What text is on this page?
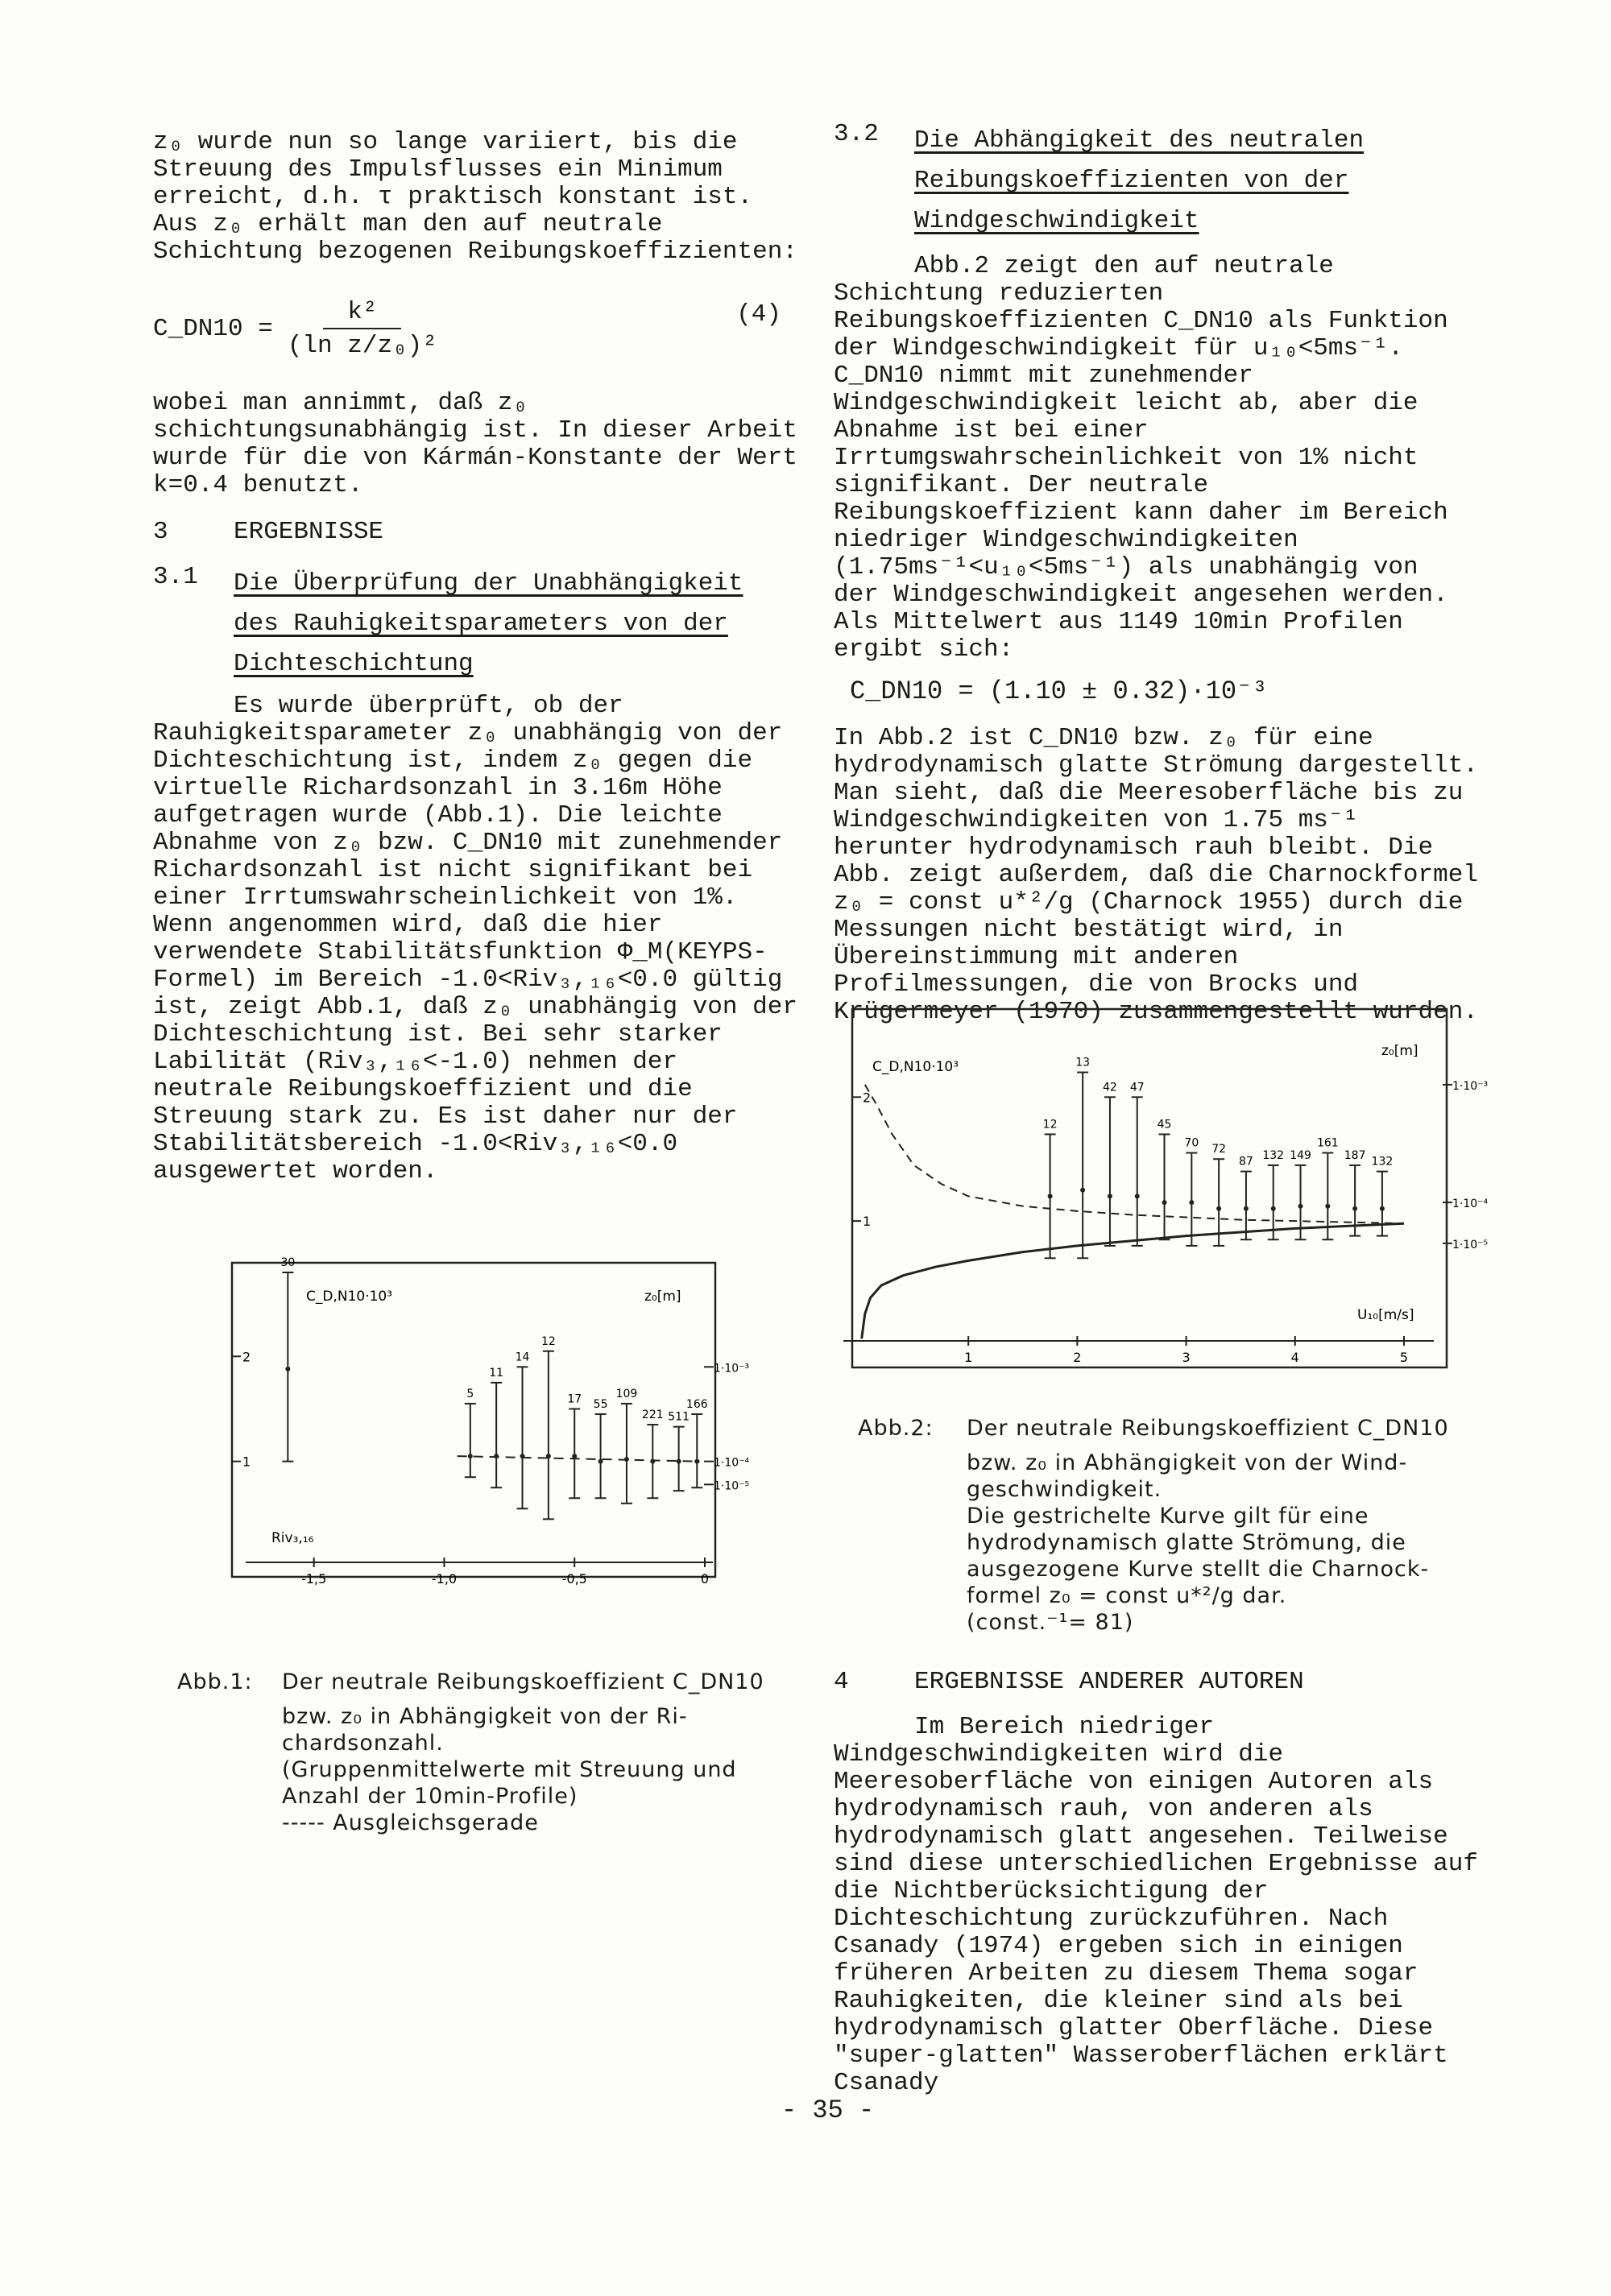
z₀ wurde nun so lange variiert, bis die Streuung des Impulsflusses ein Minimum erreicht, d.h. τ praktisch konstant ist. Aus z₀ erhält man den auf neutrale Schichtung bezogenen Reibungskoeffizienten:

C_DN10 = $\frac{\text{k²}}{\text{(ln z/z₀)²}}$	(4)

wobei man annimmt, daß z₀ schichtungsunabhängig ist. In dieser Arbeit wurde für die von Kármán-Konstante der Wert k=0.4 benutzt.

3	ERGEBNISSE
3.1	Die Überprüfung der Unabhängigkeit des Rauhigkeitsparameters von der Dichteschichtung

Es wurde überprüft, ob der Rauhigkeitsparameter z₀ unabhängig von der Dichteschichtung ist, indem z₀ gegen die virtuelle Richardsonzahl in 3.16m Höhe aufgetragen wurde (Abb.1). Die leichte Abnahme von z₀ bzw. C_DN10 mit zunehmender Richardsonzahl ist nicht signifikant bei einer Irrtumswahrscheinlichkeit von 1%. Wenn angenommen wird, daß die hier verwendete Stabilitätsfunktion Φ_M(KEYPS-Formel) im Bereich -1.0<Riv₃,₁₆<0.0 gültig ist, zeigt Abb.1, daß z₀ unabhängig von der Dichteschichtung ist. Bei sehr starker Labilität (Riv₃,₁₆<-1.0) nehmen der neutrale Reibungskoeffizient und die Streuung stark zu. Es ist daher nur der Stabilitätsbereich -1.0<Riv₃,₁₆<0.0 ausgewertet worden.

3.2	Die Abhängigkeit des neutralen Reibungskoeffizienten von der Windgeschwindigkeit

Abb.2 zeigt den auf neutrale Schichtung reduzierten Reibungskoeffizienten C_DN10 als Funktion der Windgeschwindigkeit für u₁₀<5ms⁻¹. C_DN10 nimmt mit zunehmender Windgeschwindigkeit leicht ab, aber die Abnahme ist bei einer Irrtumgswahrscheinlichkeit von 1% nicht signifikant. Der neutrale Reibungskoeffizient kann daher im Bereich niedriger Windgeschwindigkeiten (1.75ms⁻¹<u₁₀<5ms⁻¹) als unabhängig von der Windgeschwindigkeit angesehen werden. Als Mittelwert aus 1149 10min Profilen ergibt sich:

C_DN10 = (1.10 ± 0.32)·10⁻³

In Abb.2 ist C_DN10 bzw. z₀ für eine hydrodynamisch glatte Strömung dargestellt. Man sieht, daß die Meeresoberfläche bis zu Windgeschwindigkeiten von 1.75 ms⁻¹ herunter hydrodynamisch rauh bleibt. Die Abb. zeigt außerdem, daß die Charnockformel z₀ = const u*²/g (Charnock 1955) durch die Messungen nicht bestätigt wird, in Übereinstimmung mit anderen Profilmessungen, die von Brocks und Krügermeyer (1970) zusammengestellt wurden.

-1,5	-1,0	-0,5	0
1
2
1·10⁻⁵
1·10⁻⁴
1·10⁻³
30
5
11
14
12
17 55
109
221 511
166
C_D,N10·10³	z₀[m]
Riv₃,₁₆
Abb.1: Der neutrale Reibungskoeffizient C_DN10
bzw. z₀ in Abhängigkeit von der Ri-
chardsonzahl.
(Gruppenmittelwerte mit Streuung und
Anzahl der 10min-Profile)
----- Ausgleichsgerade
1	2	3	4	5
1
2
1·10⁻⁵
1·10⁻⁴
1·10⁻³
12
13
42 47
45
70 72
87 132 149
161
187 132
C_D,N10·10³
z₀[m]
U₁₀[m/s]
Abb.2: Der neutrale Reibungskoeffizient C_DN10
bzw. z₀ in Abhängigkeit von der Wind-
geschwindigkeit.
Die gestrichelte Kurve gilt für eine
hydrodynamisch glatte Strömung, die
ausgezogene Kurve stellt die Charnock-
formel z₀ = const u*²/g dar.
(const.⁻¹= 81)
4	ERGEBNISSE ANDERER AUTOREN

Im Bereich niedriger Windgeschwindigkeiten wird die Meeresoberfläche von einigen Autoren als hydrodynamisch rauh, von anderen als hydrodynamisch glatt angesehen. Teilweise sind diese unterschiedlichen Ergebnisse auf die Nichtberücksichtigung der Dichteschichtung zurückzuführen. Nach Csanady (1974) ergeben sich in einigen früheren Arbeiten zu diesem Thema sogar Rauhigkeiten, die kleiner sind als bei hydrodynamisch glatter Oberfläche. Diese "super-glatten" Wasseroberflächen erklärt Csanady

- 35 -
